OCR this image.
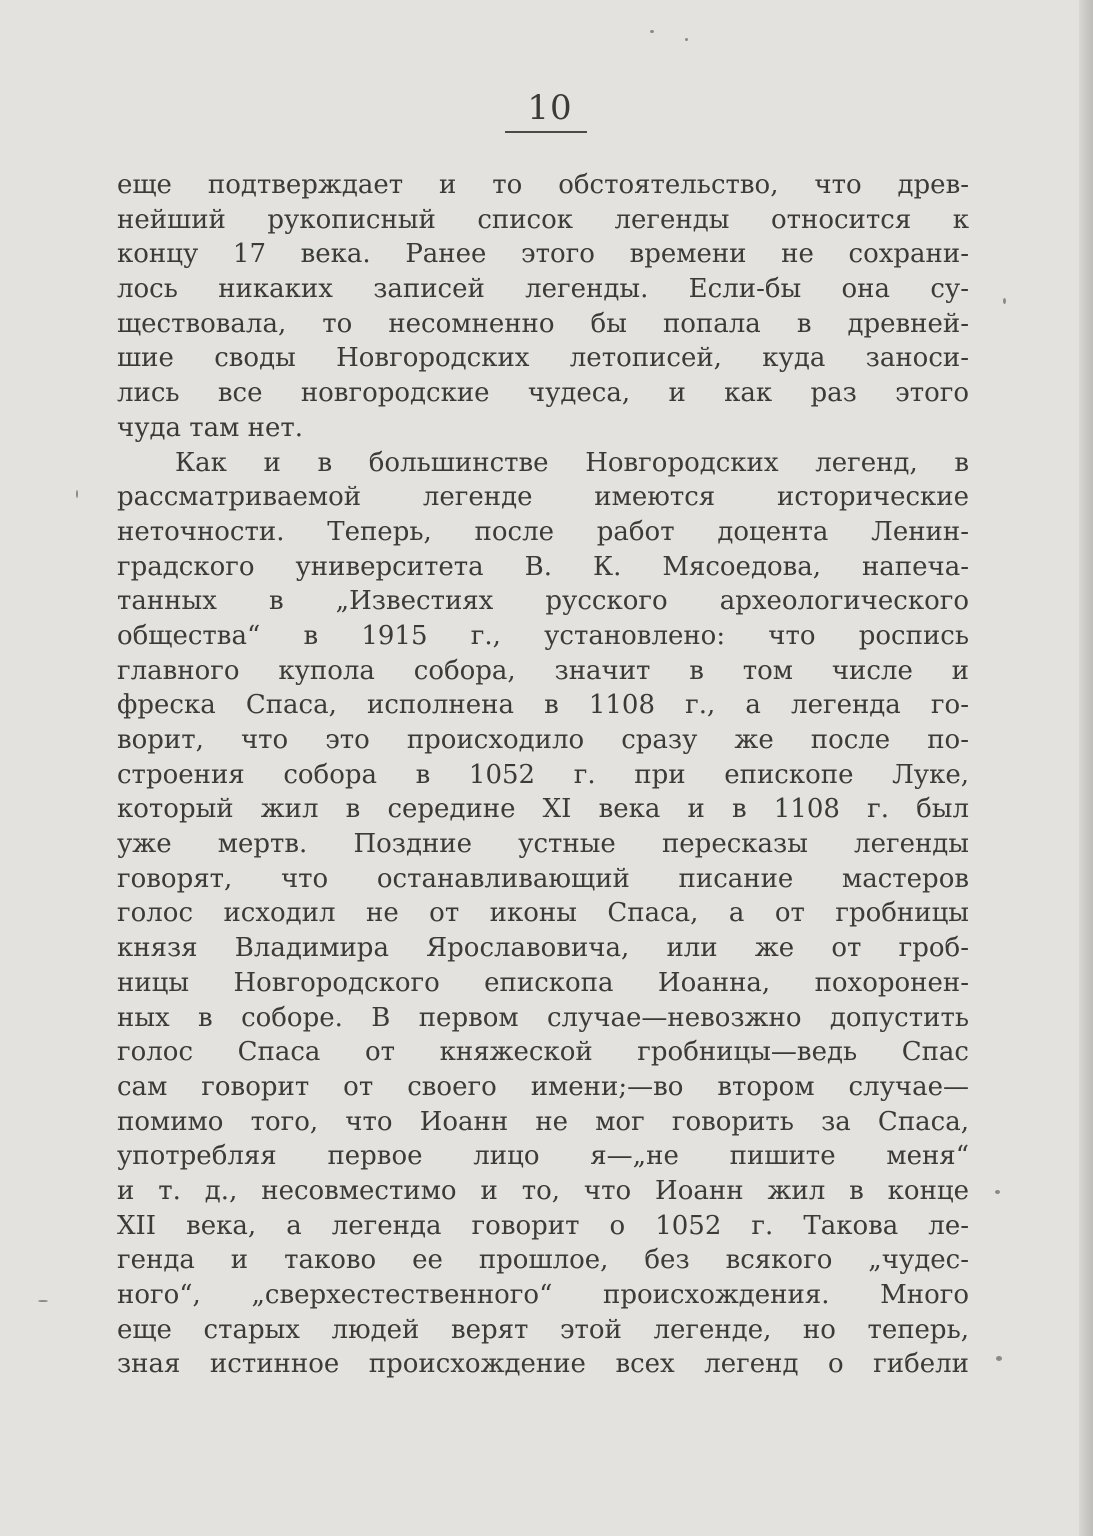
10
еще подтверждает и то обстоятельство, что древ-
нейший рукописный список легенды относится к
концу 17 века. Ранее этого времени не сохрани-
лось никаких записей легенды. Если-бы она су-
ществовала, то несомненно бы попала в древней-
шие своды Новгородских летописей, куда заноси-
лись все новгородские чудеса, и как раз этого
чуда там нет.
Как и в большинстве Новгородских легенд, в
рассматриваемой легенде имеются исторические
неточности. Теперь, после работ доцента Ленин-
градского университета В. К. Мясоедова, напеча-
танных в „Известиях русского археологического
общества“ в 1915 г., установлено: что роспись
главного купола собора, значит в том числе и
фреска Спаса, исполнена в 1108 г., а легенда го-
ворит, что это происходило сразу же после по-
строения собора в 1052 г. при епископе Луке,
который жил в середине XI века и в 1108 г. был
уже мертв. Поздние устные пересказы легенды
говорят, что останавливающий писание мастеров
голос исходил не от иконы Спаса, а от гробницы
князя Владимира Ярославовича, или же от гроб-
ницы Новгородского епископа Иоанна, похоронен-
ных в соборе. В первом случае—невозжно допустить
голос Спаса от княжеской гробницы—ведь Спас
сам говорит от своего имени;—во втором случае—
помимо того, что Иоанн не мог говорить за Спаса,
употребляя первое лицо я—„не пишите меня“
и т. д., несовместимо и то, что Иоанн жил в конце
XII века, а легенда говорит о 1052 г. Такова ле-
генда и таково ее прошлое, без всякого „чудес-
ного“, „сверхестественного“ происхождения. Много
еще старых людей верят этой легенде, но теперь,
зная истинное происхождение всех легенд о гибели
